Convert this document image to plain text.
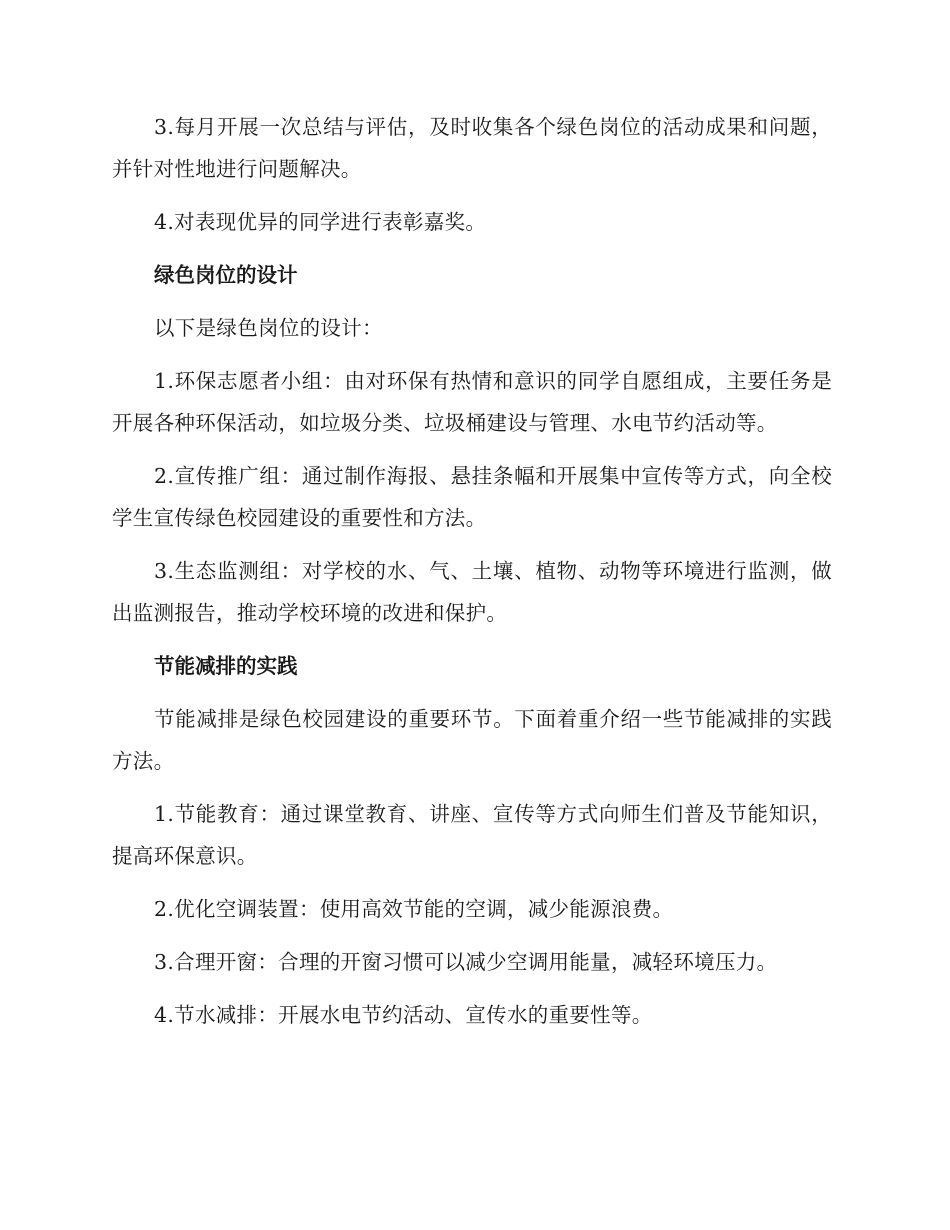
3.每月开展一次总结与评估，及时收集各个绿色岗位的活动成果和问题，并针对性地进行问题解决。

4.对表现优异的同学进行表彰嘉奖。

绿色岗位的设计

以下是绿色岗位的设计：

1.环保志愿者小组：由对环保有热情和意识的同学自愿组成，主要任务是开展各种环保活动，如垃圾分类、垃圾桶建设与管理、水电节约活动等。

2.宣传推广组：通过制作海报、悬挂条幅和开展集中宣传等方式，向全校学生宣传绿色校园建设的重要性和方法。

3.生态监测组：对学校的水、气、土壤、植物、动物等环境进行监测，做出监测报告，推动学校环境的改进和保护。

节能减排的实践

节能减排是绿色校园建设的重要环节。下面着重介绍一些节能减排的实践方法。

1.节能教育：通过课堂教育、讲座、宣传等方式向师生们普及节能知识，提高环保意识。

2.优化空调装置：使用高效节能的空调，减少能源浪费。

3.合理开窗：合理的开窗习惯可以减少空调用能量，减轻环境压力。

4.节水减排：开展水电节约活动、宣传水的重要性等。
